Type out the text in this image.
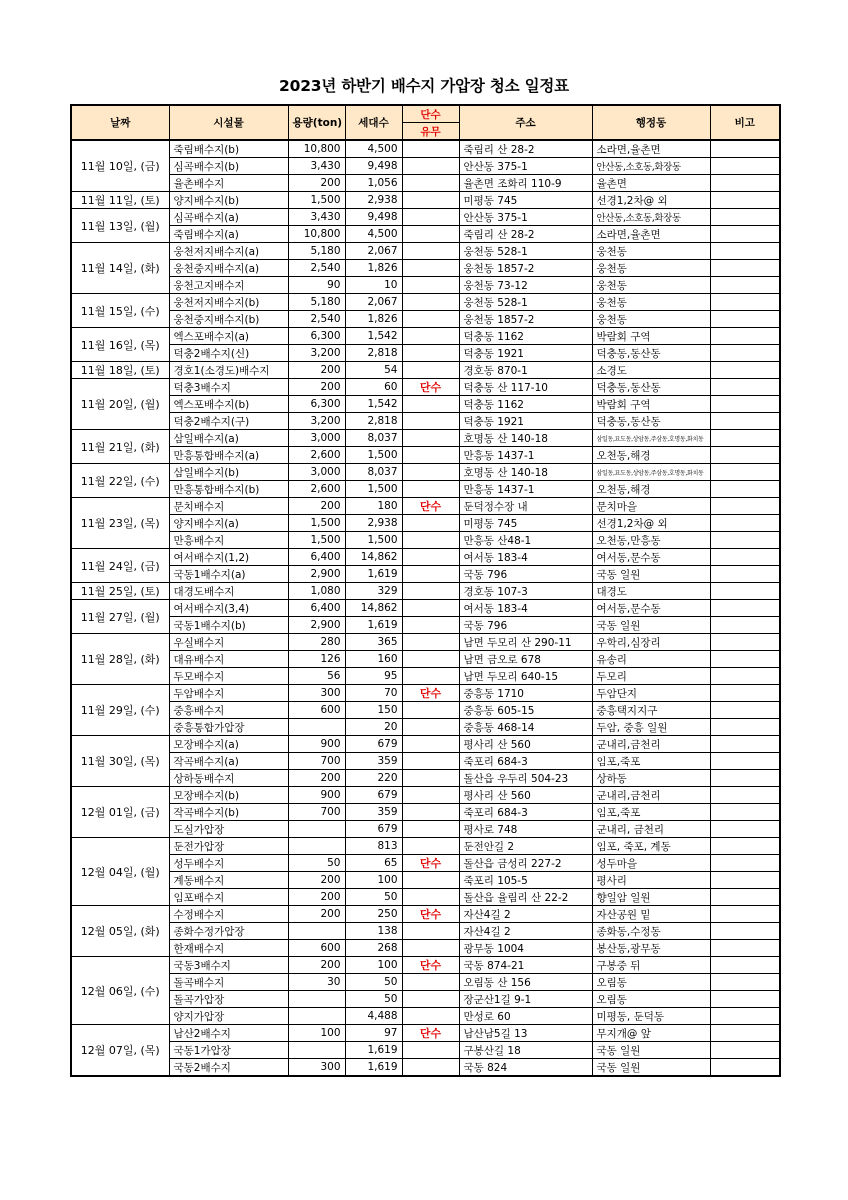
2023년 하반기 배수지 가압장 청소 일정표
날짜	시설물	용량(ton)	세대수	단수	주소	행정동	비고
				유무			
11월 10일, (금)	죽림배수지(b)	10,800	4,500		죽림리 산 28-2	소라면,율촌면	
	심곡배수지(b)	3,430	9,498		안산동 375-1	안산동,소호동,화장동	
	율촌배수지	200	1,056		율촌면 조화리 110-9	율촌면	
11월 11일, (토)	양지배수지(b)	1,500	2,938		미평동 745	선경1,2차@ 외	
11월 13일, (월)	심곡배수지(a)	3,430	9,498		안산동 375-1	안산동,소호동,화장동	
	죽림배수지(a)	10,800	4,500		죽림리 산 28-2	소라면,율촌면	
11월 14일, (화)	웅천저지배수지(a)	5,180	2,067		웅천동 528-1	웅천동	
	웅천중지배수지(a)	2,540	1,826		웅천동 1857-2	웅천동	
	웅천고지배수지	90	10		웅천동 73-12	웅천동	
11월 15일, (수)	웅천저지배수지(b)	5,180	2,067		웅천동 528-1	웅천동	
	웅천중지배수지(b)	2,540	1,826		웅천동 1857-2	웅천동	
11월 16일, (목)	엑스포배수지(a)	6,300	1,542		덕충동 1162	박람회 구역	
	덕충2배수지(신)	3,200	2,818		덕충동 1921	덕충동,동산동	
11월 18일, (토)	경호1(소경도)배수지	200	54		경호동 870-1	소경도	
11월 20일, (월)	덕충3배수지	200	60	단수	덕충동 산 117-10	덕충동,동산동	
	엑스포배수지(b)	6,300	1,542		덕충동 1162	박람회 구역	
	덕충2배수지(구)	3,200	2,818		덕충동 1921	덕충동,동산동	
11월 21일, (화)	삼일배수지(a)	3,000	8,037		호명동 산 140-18	삼일동,묘도동,상암동,주삼동,호명동,화치동	
	만흥통합배수지(a)	2,600	1,500		만흥동 1437-1	오천동,해경	
11월 22일, (수)	삼일배수지(b)	3,000	8,037		호명동 산 140-18	삼일동,묘도동,상암동,주삼동,호명동,화치동	
	만흥통합배수지(b)	2,600	1,500		만흥동 1437-1	오천동,해경	
11월 23일, (목)	문치배수지	200	180	단수	둔덕정수장 내	문치마을	
	양지배수지(a)	1,500	2,938		미평동 745	선경1,2차@ 외	
	만흥배수지	1,500	1,500		만흥동 산48-1	오천동,만흥동	
11월 24일, (금)	여서배수지(1,2)	6,400	14,862		여서동 183-4	여서동,문수동	
	국동1배수지(a)	2,900	1,619		국동 796	국동 일원	
11월 25일, (토)	대경도배수지	1,080	329		경호동 107-3	대경도	
11월 27일, (월)	여서배수지(3,4)	6,400	14,862		여서동 183-4	여서동,문수동	
	국동1배수지(b)	2,900	1,619		국동 796	국동 일원	
11월 28일, (화)	우실배수지	280	365		남면 두모리 산 290-11	우학리,심장리	
	대유배수지	126	160		남면 금오로 678	유송리	
	두모배수지	56	95		남면 두모리 640-15	두모리	
11월 29일, (수)	두암배수지	300	70	단수	중흥동 1710	두암단지	
	중흥배수지	600	150		중흥동 605-15	중흥택지지구	
	중흥통합가압장		20		중흥동 468-14	두암, 중흥 일원	
11월 30일, (목)	모장배수지(a)	900	679		평사리 산 560	군내리,금천리	
	작곡배수지(a)	700	359		죽포리 684-3	임포,죽포	
	상하동배수지	200	220		돌산읍 우두리 504-23	상하동	
12월 01일, (금)	모장배수지(b)	900	679		평사리 산 560	군내리,금천리	
	작곡배수지(b)	700	359		죽포리 684-3	임포,죽포	
	도실가압장		679		평사로 748	군내리, 금천리	
12월 04일, (월)	둔전가압장		813		둔전안길 2	임포, 죽포, 계동	
	성두배수지	50	65	단수	돌산읍 금성리 227-2	성두마을	
	계동배수지	200	100		죽포리 105-5	평사리	
	임포배수지	200	50		돌산읍 율림리 산 22-2	향일암 일원	
12월 05일, (화)	수정배수지	200	250	단수	자산4길 2	자산공원 밑	
	종화수정가압장		138		자산4길 2	종화동,수정동	
	한재배수지	600	268		광무동 1004	봉산동,광무동	
12월 06일, (수)	국동3배수지	200	100	단수	국동 874-21	구봉중 뒤	
	돌곡배수지	30	50		오림동 산 156	오림동	
	돌곡가압장		50		장군산1길 9-1	오림동	
	양지가압장		4,488		만성로 60	미평동, 둔덕동	
12월 07일, (목)	남산2배수지	100	97	단수	남산남5길 13	무지개@ 앞	
	국동1가압장		1,619		구봉산길 18	국동 일원	
	국동2배수지	300	1,619		국동 824	국동 일원	
